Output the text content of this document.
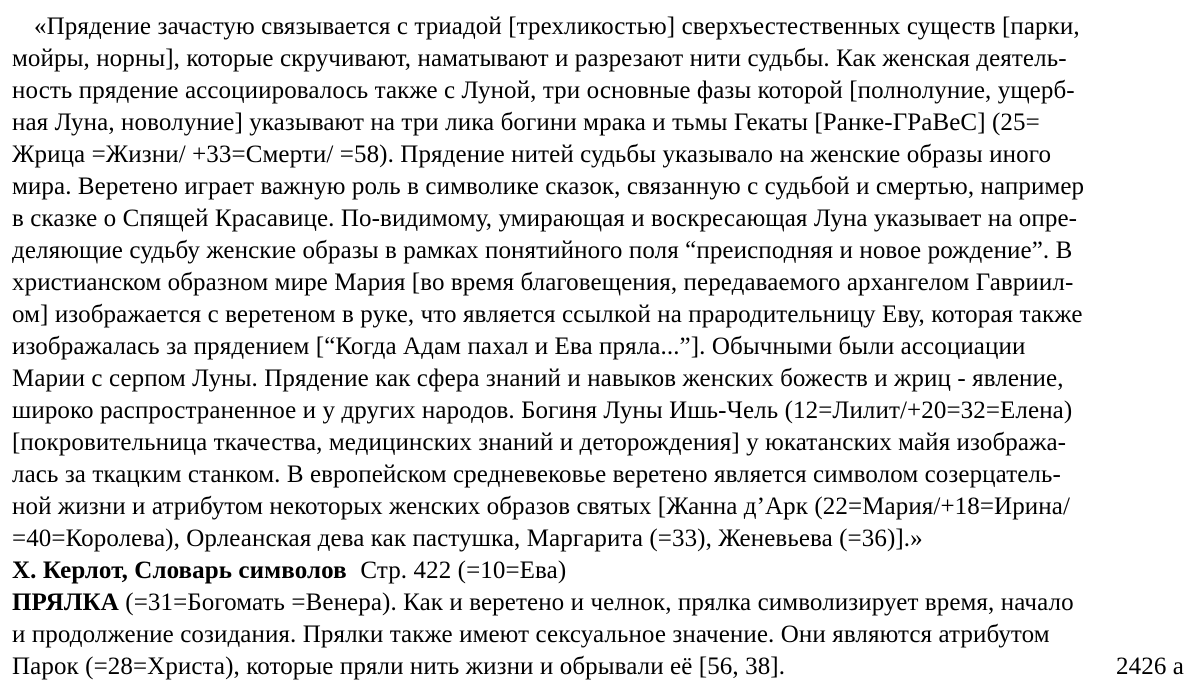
«Прядение зачастую связывается с триадой [трехликостью] сверхъестественных существ [парки,
мойры, норны], которые скручивают, наматывают и разрезают нити судьбы. Как женская деятель-
ность прядение ассоциировалось также с Луной, три основные фазы которой [полнолуние, ущерб-
ная Луна, новолуние] указывают на три лика богини мрака и тьмы Гекаты [Ранке-ГРаВеС] (25=
Жрица =Жизни/ +33=Смерти/ =58). Прядение нитей судьбы указывало на женские образы иного
мира. Веретено играет важную роль в символике сказок, связанную с судьбой и смертью, например
в сказке о Спящей Красавице. По-видимому, умирающая и воскресающая Луна указывает на опре-
деляющие судьбу женские образы в рамках понятийного поля “преисподняя и новое рождение”. В
христианском образном мире Мария [во время благовещения, передаваемого архангелом Гавриил-
ом] изображается с веретеном в руке, что является ссылкой на прародительницу Еву, которая также
изображалась за прядением [“Когда Адам пахал и Ева пряла...”]. Обычными были ассоциации
Марии с серпом Луны. Прядение как сфера знаний и навыков женских божеств и жриц - явление,
широко распространенное и у других народов. Богиня Луны Ишь-Чель (12=Лилит/+20=32=Елена)
[покровительница ткачества, медицинских знаний и деторождения] у юкатанских майя изобража-
лась за ткацким станком. В европейском средневековье веретено является символом созерцатель-
ной жизни и атрибутом некоторых женских образов святых [Жанна д’Арк (22=Мария/+18=Ирина/
=40=Королева), Орлеанская дева как пастушка, Маргарита (=33), Женевьева (=36)].»
Х. Керлот, Словарь символов Стр. 422 (=10=Ева)
ПРЯЛКА (=31=Богомать =Венера). Как и веретено и челнок, прялка символизирует время, начало
и продолжение созидания. Прялки также имеют сексуальное значение. Они являются атрибутом
Парок (=28=Христа), которые пряли нить жизни и обрывали её [56, 38].	2426 а
